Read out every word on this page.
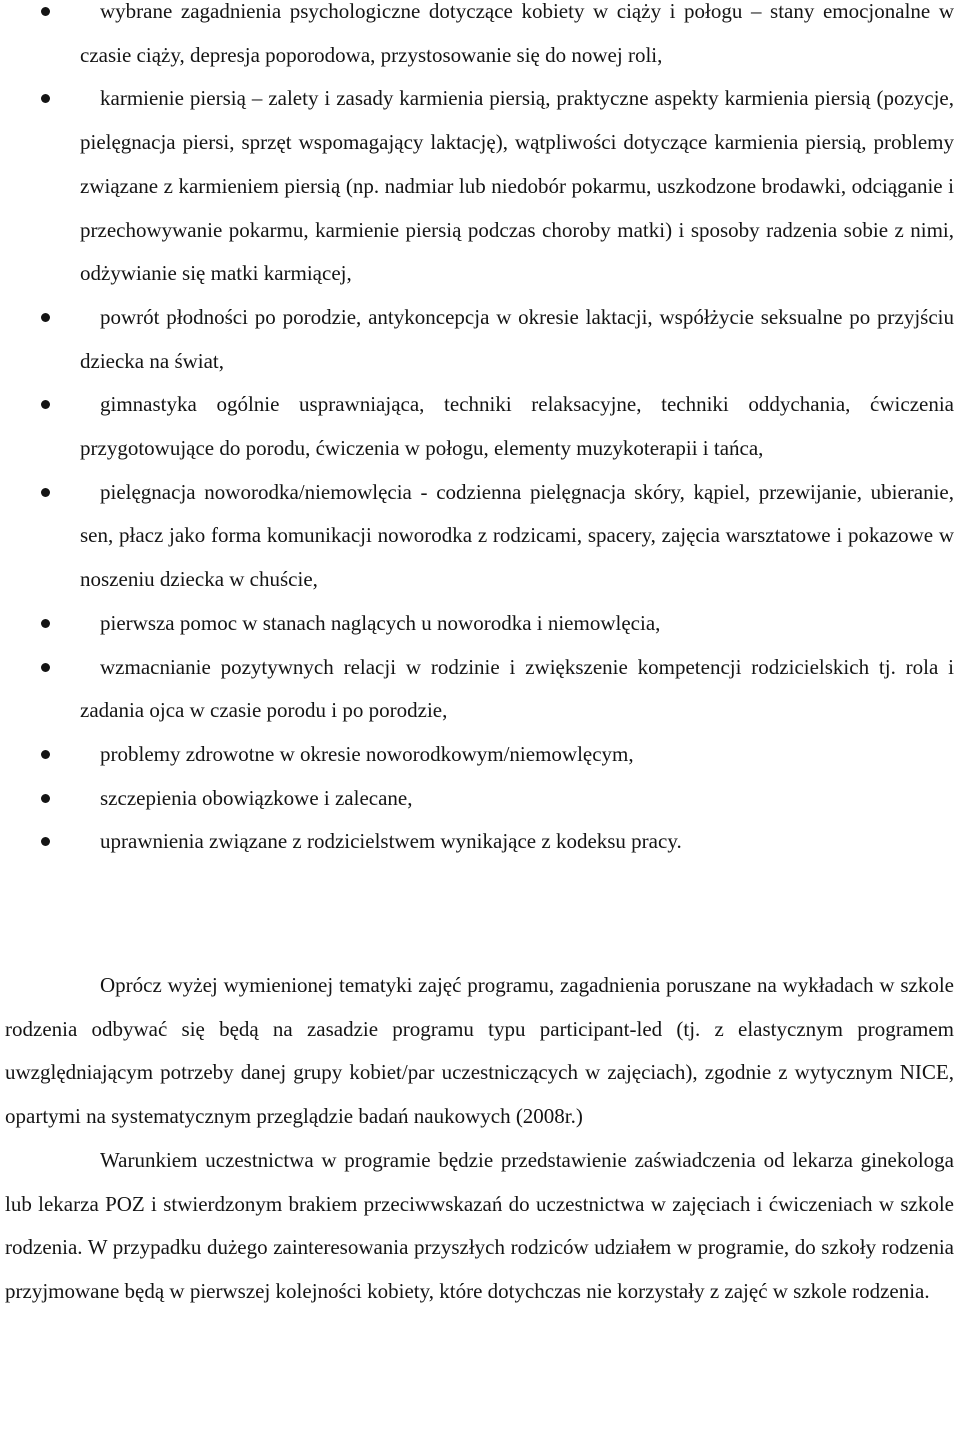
wybrane zagadnienia psychologiczne dotyczące kobiety w ciąży i połogu – stany emocjonalne w czasie ciąży, depresja poporodowa, przystosowanie się do nowej roli,
karmienie piersią – zalety i zasady karmienia piersią, praktyczne aspekty karmienia piersią (pozycje, pielęgnacja piersi, sprzęt wspomagający laktację), wątpliwości dotyczące karmienia piersią, problemy związane z karmieniem piersią (np. nadmiar lub niedobór pokarmu, uszkodzone brodawki, odciąganie i przechowywanie pokarmu, karmienie piersią podczas choroby matki) i sposoby radzenia sobie z nimi, odżywianie się matki karmiącej,
powrót płodności po porodzie, antykoncepcja w okresie laktacji, współżycie seksualne po przyjściu dziecka na świat,
gimnastyka ogólnie usprawniająca, techniki relaksacyjne, techniki oddychania, ćwiczenia przygotowujące do porodu, ćwiczenia w połogu, elementy muzykoterapii i tańca,
pielęgnacja noworodka/niemowlęcia - codzienna pielęgnacja skóry, kąpiel, przewijanie, ubieranie, sen, płacz jako forma komunikacji noworodka z rodzicami, spacery, zajęcia warsztatowe i pokazowe w noszeniu dziecka w chuście,
pierwsza pomoc w stanach naglących u noworodka i niemowlęcia,
wzmacnianie pozytywnych relacji w rodzinie i zwiększenie kompetencji rodzicielskich tj. rola i zadania ojca w czasie porodu i po porodzie,
problemy zdrowotne w okresie noworodkowym/niemowlęcym,
szczepienia obowiązkowe i zalecane,
uprawnienia związane z rodzicielstwem wynikające z kodeksu pracy.

Oprócz wyżej wymienionej tematyki zajęć programu, zagadnienia poruszane na wykładach w szkole rodzenia odbywać się będą na zasadzie programu typu participant-led (tj. z elastycznym programem uwzględniającym potrzeby danej grupy kobiet/par uczestniczących w zajęciach), zgodnie z wytycznym NICE, opartymi na systematycznym przeglądzie badań naukowych (2008r.)

Warunkiem uczestnictwa w programie będzie przedstawienie zaświadczenia od lekarza ginekologa lub lekarza POZ i stwierdzonym brakiem przeciwwskazań do uczestnictwa w zajęciach i ćwiczeniach w szkole rodzenia. W przypadku dużego zainteresowania przyszłych rodziców udziałem w programie, do szkoły rodzenia przyjmowane będą w pierwszej kolejności kobiety, które dotychczas nie korzystały z zajęć w szkole rodzenia.
